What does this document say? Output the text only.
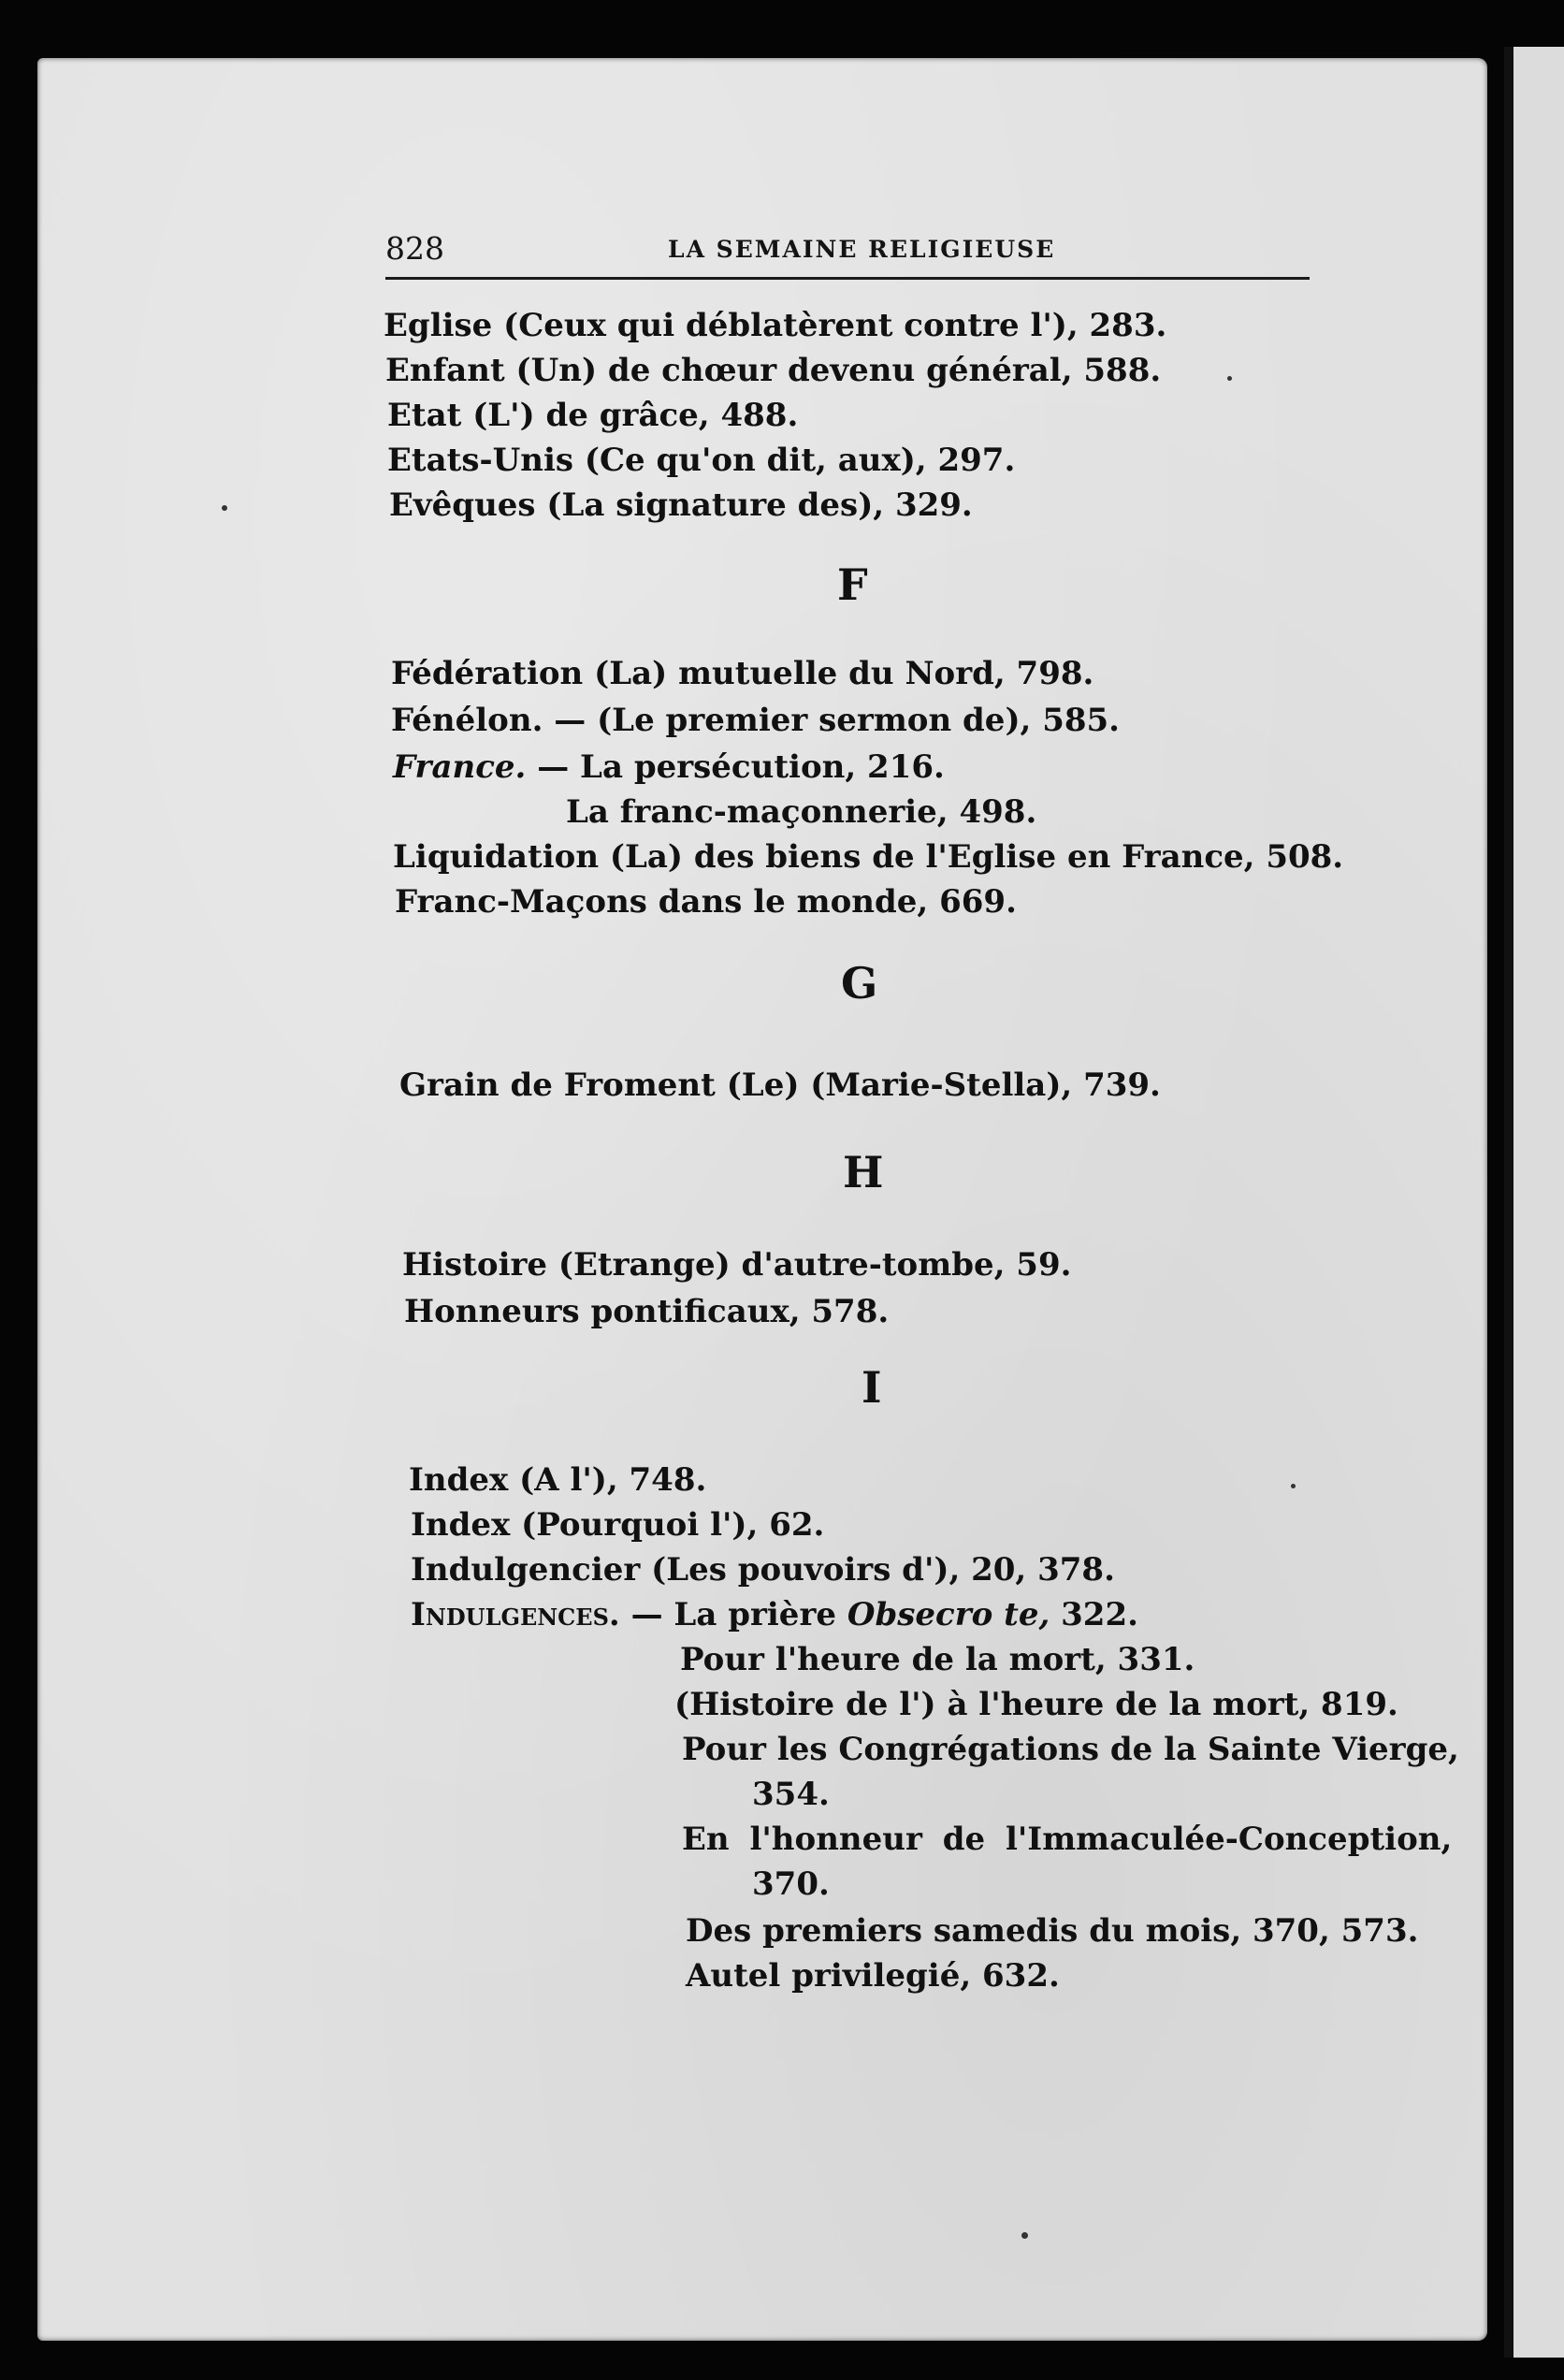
828	LA SEMAINE RELIGIEUSE
Eglise (Ceux qui déblatèrent contre l'), 283.
Enfant (Un) de chœur devenu général, 588.
Etat (L') de grâce, 488.
Etats-Unis (Ce qu'on dit, aux), 297.
Evêques (La signature des), 329.
F
Fédération (La) mutuelle du Nord, 798.
Fénélon. — (Le premier sermon de), 585.
France. — La persécution, 216.
La franc-maçonnerie, 498.
Liquidation (La) des biens de l'Eglise en France, 508.
Franc-Maçons dans le monde, 669.
G
Grain de Froment (Le) (Marie-Stella), 739.
H
Histoire (Etrange) d'autre-tombe, 59.
Honneurs pontificaux, 578.
I
Index (A l'), 748.
Index (Pourquoi l'), 62.
Indulgencier (Les pouvoirs d'), 20, 378.
Indulgences. — La prière Obsecro te, 322.
Pour l'heure de la mort, 331.
(Histoire de l') à l'heure de la mort, 819.
Pour les Congrégations de la Sainte Vierge,
354.
En l'honneur de l'Immaculée-Conception,
370.
Des premiers samedis du mois, 370, 573.
Autel privilegié, 632.
